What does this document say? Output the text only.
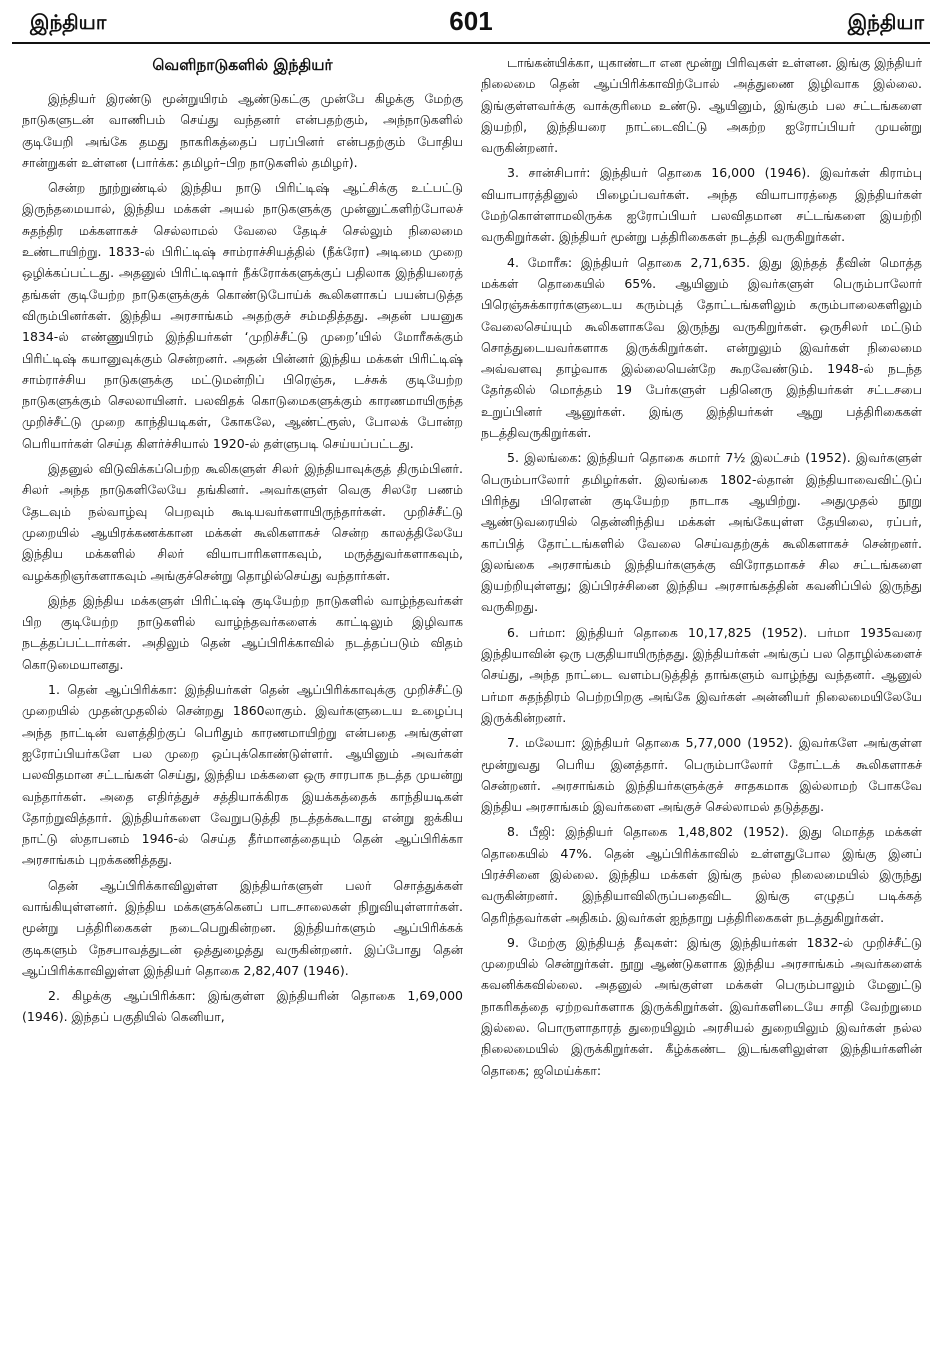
இந்தியா	601	இந்தியா
வெளிநாடுகளில் இந்தியர்

இந்தியர் இரண்டு மூன்றுயிரம் ஆண்டுகட்கு முன்பே கிழக்கு மேற்கு நாடுகளுடன் வாணிபம் செய்து வந்தனர் என்பதற்கும், அந்நாடுகளில் குடியேறி அங்கே தமது நாகரிகத்தைப் பரப்பினர் என்பதற்கும் போதிய சான்றுகள் உள்ளன (பார்க்க: தமிழர்–பிற நாடுகளில் தமிழர்).

சென்ற நூற்றுண்டில் இந்திய நாடு பிரிட்டிஷ் ஆட்சிக்கு உட்பட்டு இருந்தமையால், இந்திய மக்கள் அயல் நாடுகளுக்கு முன்னுட்களிற்போலச் சுதந்திர மக்களாகச் செல்லாமல் வேலை தேடிச் செல்லும் நிலைமை உண்டாயிற்று. 1833-ல் பிரிட்டிஷ் சாம்ராச்சியத்தில் (நீக்ரோ) அடிமை முறை ஒழிக்கப்பட்டது. அதனுல் பிரிட்டிஷார் நீக்ரோக்களுக்குப் பதிலாக இந்தியரைத் தங்கள் குடியேற்ற நாடுகளுக்குக் கொண்டுபோய்க் கூலிகளாகப் பயன்படுத்த விரும்பினர்கள். இந்திய அரசாங்கம் அதற்குச் சம்மதித்தது. அதன் பயனுக 1834-ல் எண்ணுயிரம் இந்தியர்கள் ‘முறிச்சீட்டு முறை’யில் மோரீசுக்கும் பிரிட்டிஷ் கயானுவுக்கும் சென்றனர். அதன் பின்னர் இந்திய மக்கள் பிரிட்டிஷ் சாம்ராச்சிய நாடுகளுக்கு மட்டுமன்றிப் பிரெஞ்சு, டச்சுக் குடியேற்ற நாடுகளுக்கும் செலலாயினர். பலவிதக் கொடுமைகளுக்கும் காரணமாயிருந்த முறிச்சீட்டு முறை காந்தியடிகள், கோகலே, ஆண்ட்ரூஸ், போலக் போன்ற பெரியார்கள் செய்த கிளர்ச்சியால் 1920-ல் தள்ளுபடி செய்யப்பட்டது.

இதனுல் விடுவிக்கப்பெற்ற கூலிகளுள் சிலர் இந்தியாவுக்குத் திரும்பினர். சிலர் அந்த நாடுகளிலேயே தங்கினர். அவர்களுள் வெகு சிலரே பணம் தேடவும் நல்வாழ்வு பெறவும் கூடியவர்களாயிருந்தார்கள். முறிச்சீட்டு முறையில் ஆயிரக்கணக்கான மக்கள் கூலிகளாகச் சென்ற காலத்திலேயே இந்திய மக்களில் சிலர் வியாபாரிகளாகவும், மருத்துவர்களாகவும், வழக்கறிஞர்களாகவும் அங்குச்சென்று தொழில்செய்து வந்தார்கள்.

இந்த இந்திய மக்களுள் பிரிட்டிஷ் குடியேற்ற நாடுகளில் வாழ்ந்தவர்கள் பிற குடியேற்ற நாடுகளில் வாழ்ந்தவர்களைக் காட்டிலும் இழிவாக நடத்தப்பட்டார்கள். அதிலும் தென் ஆப்பிரிக்காவில் நடத்தப்படும் விதம் கொடுமையானது.

1. தென் ஆப்பிரிக்கா: இந்தியர்கள் தென் ஆப்பிரிக்காவுக்கு முறிச்சீட்டு முறையில் முதன்முதலில் சென்றது 1860லாகும். இவர்களுடைய உழைப்பு அந்த நாட்டின் வளத்திற்குப் பெரிதும் காரணமாயிற்று என்பதை அங்குள்ள ஐரோப்பியர்களே பல முறை ஒப்புக்கொண்டுள்ளர். ஆயினும் அவர்கள் பலவிதமான சட்டங்கள் செய்து, இந்திய மக்களை ஒரு சாரபாக நடத்த முயன்று வந்தார்கள். அதை எதிர்த்துச் சத்தியாக்கிரக இயக்கத்தைக் காந்தியடிகள் தோற்றுவித்தார். இந்தியர்களை வேறுபடுத்தி நடத்தக்கூடாது என்று ஐக்கிய நாட்டு ஸ்தாபனம் 1946-ல் செய்த தீர்மானத்தையும் தென் ஆப்பிரிக்கா அரசாங்கம் புறக்கணித்தது.

தென் ஆப்பிரிக்காவிலுள்ள இந்தியர்களுள் பலர் சொத்துக்கள் வாங்கியுள்ளனர். இந்திய மக்களுக்கெனப் பாடசாலைகள் நிறுவியுள்ளார்கள். மூன்று பத்திரிகைகள் நடைபெறுகின்றன. இந்தியர்களும் ஆப்பிரிக்கக் குடிகளும் நேசபாவத்துடன் ஒத்துழைத்து வருகின்றனர். இப்போது தென் ஆப்பிரிக்காவிலுள்ள இந்தியர் தொகை 2,82,407 (1946).

2. கிழக்கு ஆப்பிரிக்கா: இங்குள்ள இந்தியரின் தொகை 1,69,000 (1946). இந்தப் பகுதியில் கெனியா,

டாங்கன்யிக்கா, யுகாண்டா என மூன்று பிரிவுகள் உள்ளன. இங்கு இந்தியர் நிலைமை தென் ஆப்பிரிக்காவிற்போல் அத்துணை இழிவாக இல்லை. இங்குள்ளவர்க்கு வாக்குரிமை உண்டு. ஆயினும், இங்கும் பல சட்டங்களை இயற்றி, இந்தியரை நாட்டைவிட்டு அகற்ற ஐரோப்பியர் முயன்று வருகின்றனர்.

3. சான்சிபார்: இந்தியர் தொகை 16,000 (1946). இவர்கள் கிராம்பு வியாபாரத்தினுல் பிழைப்பவர்கள். அந்த வியாபாரத்தை இந்தியர்கள் மேற்கொள்ளாமலிருக்க ஐரோப்பியர் பலவிதமான சட்டங்களை இயற்றி வருகிறுர்கள். இந்தியர் மூன்று பத்திரிகைகள் நடத்தி வருகிறுர்கள்.

4. மோரீசு: இந்தியர் தொகை 2,71,635. இது இந்தத் தீவின் மொத்த மக்கள் தொகையில் 65%. ஆயினும் இவர்களுள் பெரும்பாலோர் பிரெஞ்சுக்காரர்களுடைய கரும்புத் தோட்டங்களிலும் கரும்பாலைகளிலும் வேலைசெய்யும் கூலிகளாகவே இருந்து வருகிறுர்கள். ஒருசிலர் மட்டும் சொத்துடையவர்களாக இருக்கிறுர்கள். என்றுலும் இவர்கள் நிலைமை அவ்வளவு தாழ்வாக இல்லையென்றே கூறவேண்டும். 1948-ல் நடந்த தேர்தலில் மொத்தம் 19 பேர்களுள் பதினெரு இந்தியர்கள் சட்டசபை உறுப்பினர் ஆனுர்கள். இங்கு இந்தியர்கள் ஆறு பத்திரிகைகள் நடத்திவருகிறுர்கள்.

5. இலங்கை: இந்தியர் தொகை சுமார் 7½ இலட்சம் (1952). இவர்களுள் பெரும்பாலோர் தமிழர்கள். இலங்கை 1802-ல்தான் இந்தியாவைவிட்டுப் பிரிந்து பிரௌன் குடியேற்ற நாடாக ஆயிற்று. அதுமுதல் நூறு ஆண்டுவரையில் தென்னிந்திய மக்கள் அங்கேயுள்ள தேயிலை, ரப்பர், காப்பித் தோட்டங்களில் வேலை செய்வதற்குக் கூலிகளாகச் சென்றனர். இலங்கை அரசாங்கம் இந்தியர்களுக்கு விரோதமாகச் சில சட்டங்களை இயற்றியுள்ளது; இப்பிரச்சினை இந்திய அரசாங்கத்தின் கவனிப்பில் இருந்து வருகிறது.

6. பர்மா: இந்தியர் தொகை 10,17,825 (1952). பர்மா 1935வரை இந்தியாவின் ஒரு பகுதியாயிருந்தது. இந்தியர்கள் அங்குப் பல தொழில்களைச் செய்து, அந்த நாட்டை வளம்படுத்தித் தாங்களும் வாழ்ந்து வந்தனர். ஆனுல் பர்மா சுதந்திரம் பெற்றபிறகு அங்கே இவர்கள் அன்னியர் நிலைமையிலேயே இருக்கின்றனர்.

7. மலேயா: இந்தியர் தொகை 5,77,000 (1952). இவர்களே அங்குள்ள மூன்றுவது பெரிய இனத்தார். பெரும்பாலோர் தோட்டக் கூலிகளாகச் சென்றனர். அரசாங்கம் இந்தியர்களுக்குச் சாதகமாக இல்லாமற் போகவே இந்திய அரசாங்கம் இவர்களை அங்குச் செல்லாமல் தடுத்தது.

8. பீஜி: இந்தியர் தொகை 1,48,802 (1952). இது மொத்த மக்கள் தொகையில் 47%. தென் ஆப்பிரிக்காவில் உள்ளதுபோல இங்கு இனப் பிரச்சினை இல்லை. இந்திய மக்கள் இங்கு நல்ல நிலைமையில் இருந்து வருகின்றனர். இந்தியாவிலிருப்பதைவிட இங்கு எழுதப் படிக்கத் தெரிந்தவர்கள் அதிகம். இவர்கள் ஐந்தாறு பத்திரிகைகள் நடத்துகிறுர்கள்.

9. மேற்கு இந்தியத் தீவுகள்: இங்கு இந்தியர்கள் 1832-ல் முறிச்சீட்டு முறையில் சென்றுர்கள். நூறு ஆண்டுகளாக இந்திய அரசாங்கம் அவர்களைக் கவனிக்கவில்லை. அதனுல் அங்குள்ள மக்கள் பெரும்பாலும் மேனுட்டு நாகரிகத்தை ஏற்றவர்களாக இருக்கிறுர்கள். இவர்களிடையே சாதி வேற்றுமை இல்லை. பொருளாதாரத் துறையிலும் அரசியல் துறையிலும் இவர்கள் நல்ல நிலைமையில் இருக்கிறுர்கள். கீழ்க்கண்ட இடங்களிலுள்ள இந்தியர்களின் தொகை; ஜமெய்க்கா:
